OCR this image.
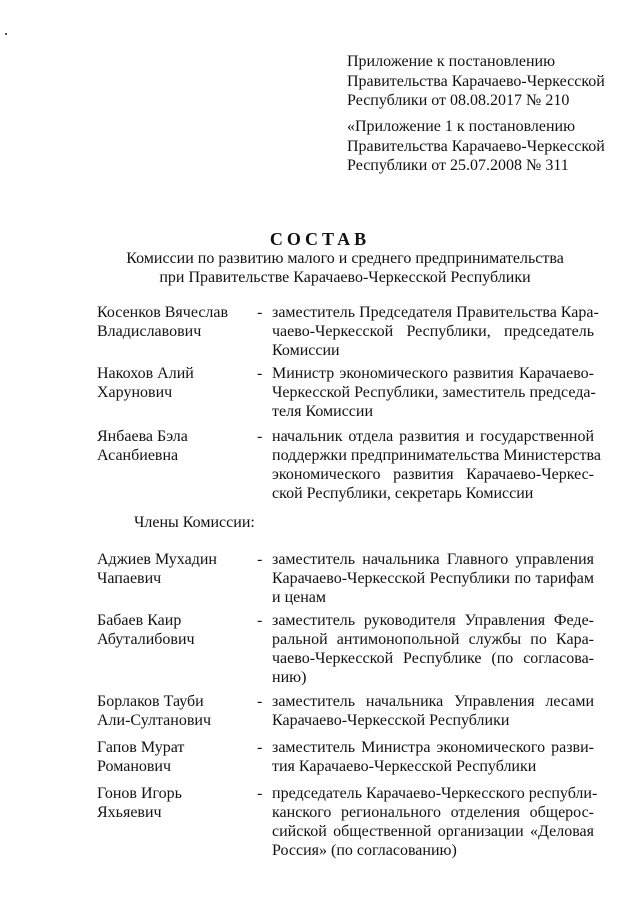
Приложение к постановлению
Правительства Карачаево-Черкесской
Республики от 08.08.2017 № 210
«Приложение 1 к постановлению
Правительства Карачаево-Черкесской
Республики от 25.07.2008 № 311
СОСТАВ
Комиссии по развитию малого и среднего предпринимательства
при Правительстве Карачаево-Черкесской Республики
Косенков Вячеслав
Владиславович
- заместитель Председателя Правительства Кара-
чаево-Черкесской Республики, председатель
Комиссии
Накохов Алий
Харунович
- Министр экономического развития Карачаево-
Черкесской Республики, заместитель председа-
теля Комиссии
Янбаева Бэла
Асанбиевна
- начальник отдела развития и государственной
поддержки предпринимательства Министерства
экономического развития Карачаево-Черкес-
ской Республики, секретарь Комиссии
Члены Комиссии:
Аджиев Мухадин
Чапаевич
- заместитель начальника Главного управления
Карачаево-Черкесской Республики по тарифам
и ценам
Бабаев Каир
Абуталибович
- заместитель руководителя Управления Феде-
ральной антимонопольной службы по Кара-
чаево-Черкесской Республике (по согласова-
нию)
Борлаков Тауби
Али-Султанович
- заместитель начальника Управления лесами
Карачаево-Черкесской Республики
Гапов Мурат
Романович
- заместитель Министра экономического разви-
тия Карачаево-Черкесской Республики
Гонов Игорь
Яхьяевич
- председатель Карачаево-Черкесского республи-
канского регионального отделения общерос-
сийской общественной организации «Деловая
Россия» (по согласованию)
